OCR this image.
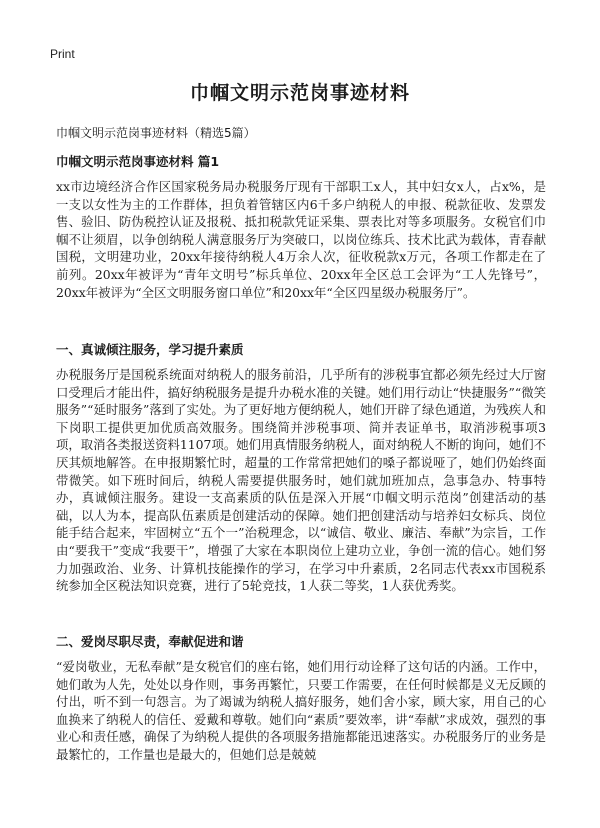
Print
巾帼文明示范岗事迹材料

巾帼文明示范岗事迹材料（精选5篇）

巾帼文明示范岗事迹材料 篇1

xx市边境经济合作区国家税务局办税服务厅现有干部职工x人，其中妇女x人，占x%，是一支以女性为主的工作群体，担负着管辖区内6千多户纳税人的申报、税款征收、发票发售、验旧、防伪税控认证及报税、抵扣税款凭证采集、票表比对等多项服务。女税官们巾帼不让须眉，以争创纳税人满意服务厅为突破口，以岗位练兵、技术比武为载体，青春献国税，文明建功业，20xx年接待纳税人4万余人次，征收税款x万元，各项工作都走在了前列。20xx年被评为“青年文明号”标兵单位、20xx年全区总工会评为“工人先锋号”，20xx年被评为“全区文明服务窗口单位”和20xx年“全区四星级办税服务厅”。

一、真诚倾注服务，学习提升素质

办税服务厅是国税系统面对纳税人的服务前沿，几乎所有的涉税事宜都必须先经过大厅窗口受理后才能出件，搞好纳税服务是提升办税水准的关键。她们用行动让“快捷服务”“微笑服务”“延时服务”落到了实处。为了更好地方便纳税人，她们开辟了绿色通道，为残疾人和下岗职工提供更加优质高效服务。围绕简并涉税事项、简并表证单书，取消涉税事项3项，取消各类报送资料1107项。她们用真情服务纳税人，面对纳税人不断的询问，她们不厌其烦地解答。在申报期繁忙时，超量的工作常常把她们的嗓子都说哑了，她们仍始终面带微笑。如下班时间后，纳税人需要提供服务时，她们就加班加点，急事急办、特事特办，真诚倾注服务。建设一支高素质的队伍是深入开展“巾帼文明示范岗”创建活动的基础，以人为本，提高队伍素质是创建活动的保障。她们把创建活动与培养妇女标兵、岗位能手结合起来，牢固树立“五个一”治税理念，以“诚信、敬业、廉洁、奉献”为宗旨，工作由“要我干”变成“我要干”，增强了大家在本职岗位上建功立业，争创一流的信心。她们努力加强政治、业务、计算机技能操作的学习，在学习中升素质，2名同志代表xx市国税系统参加全区税法知识竞赛，进行了5轮竞技，1人获二等奖，1人获优秀奖。

二、爱岗尽职尽责，奉献促进和谐

“爱岗敬业，无私奉献”是女税官们的座右铭，她们用行动诠释了这句话的内涵。工作中，她们敢为人先，处处以身作则，事务再繁忙，只要工作需要，在任何时候都是义无反顾的付出，听不到一句怨言。为了竭诚为纳税人搞好服务，她们舍小家，顾大家，用自己的心血换来了纳税人的信任、爱戴和尊敬。她们向“素质”要效率，讲“奉献”求成效，强烈的事业心和责任感，确保了为纳税人提供的各项服务措施都能迅速落实。办税服务厅的业务是最繁忙的，工作量也是最大的，但她们总是兢兢
